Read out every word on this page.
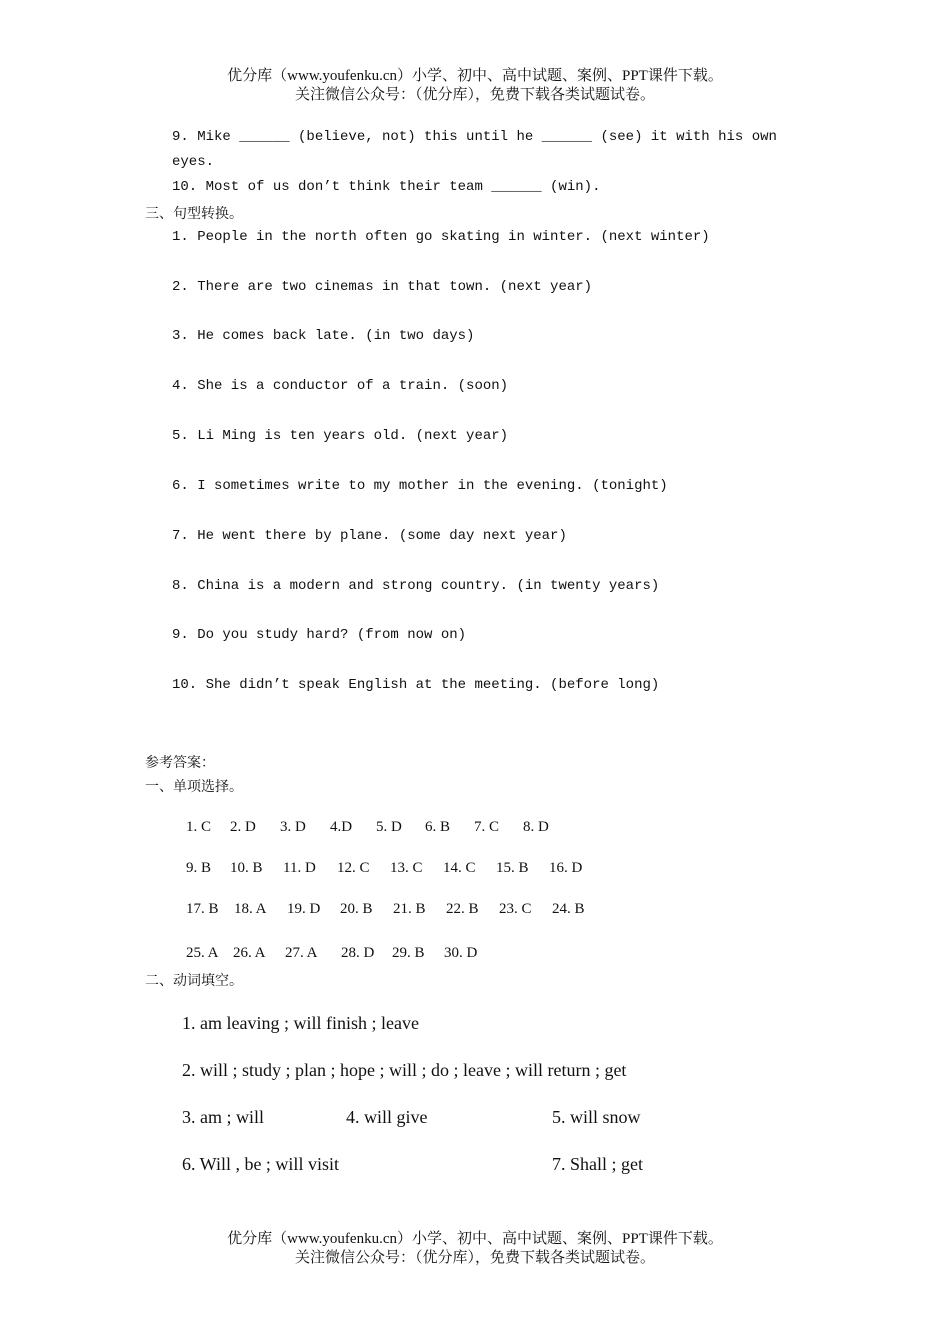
优分库（www.youfenku.cn）小学、初中、高中试题、案例、PPT课件下载。
关注微信公众号：（优分库），免费下载各类试题试卷。
9. Mike ______ (believe, not) this until he ______ (see) it with his own
eyes.
10. Most of us don’t think their team ______ (win).
三、句型转换。
1. People in the north often go skating in winter. (next winter)
2. There are two cinemas in that town. (next year)
3. He comes back late. (in two days)
4. She is a conductor of a train. (soon)
5. Li Ming is ten years old. (next year)
6. I sometimes write to my mother in the evening. (tonight)
7. He went there by plane. (some day next year)
8. China is a modern and strong country. (in twenty years)
9. Do you study hard? (from now on)
10. She didn’t speak English at the meeting. (before long)
参考答案：
一、单项选择。
1. C 2. D 3. D 4.D 5. D 6. B 7. C 8. D
9. B 10. B 11. D 12. C 13. C 14. C 15. B 16. D
17. B 18. A 19. D 20. B 21. B 22. B 23. C 24. B
25. A 26. A 27. A 28. D 29. B 30. D
二、动词填空。
1. am leaving ; will finish ; leave
2. will ; study ; plan ; hope ; will ; do ; leave ; will return ; get
3. am ; will	4. will give	5. will snow
6. Will , be ; will visit	7. Shall ; get
优分库（www.youfenku.cn）小学、初中、高中试题、案例、PPT课件下载。
关注微信公众号：（优分库），免费下载各类试题试卷。
